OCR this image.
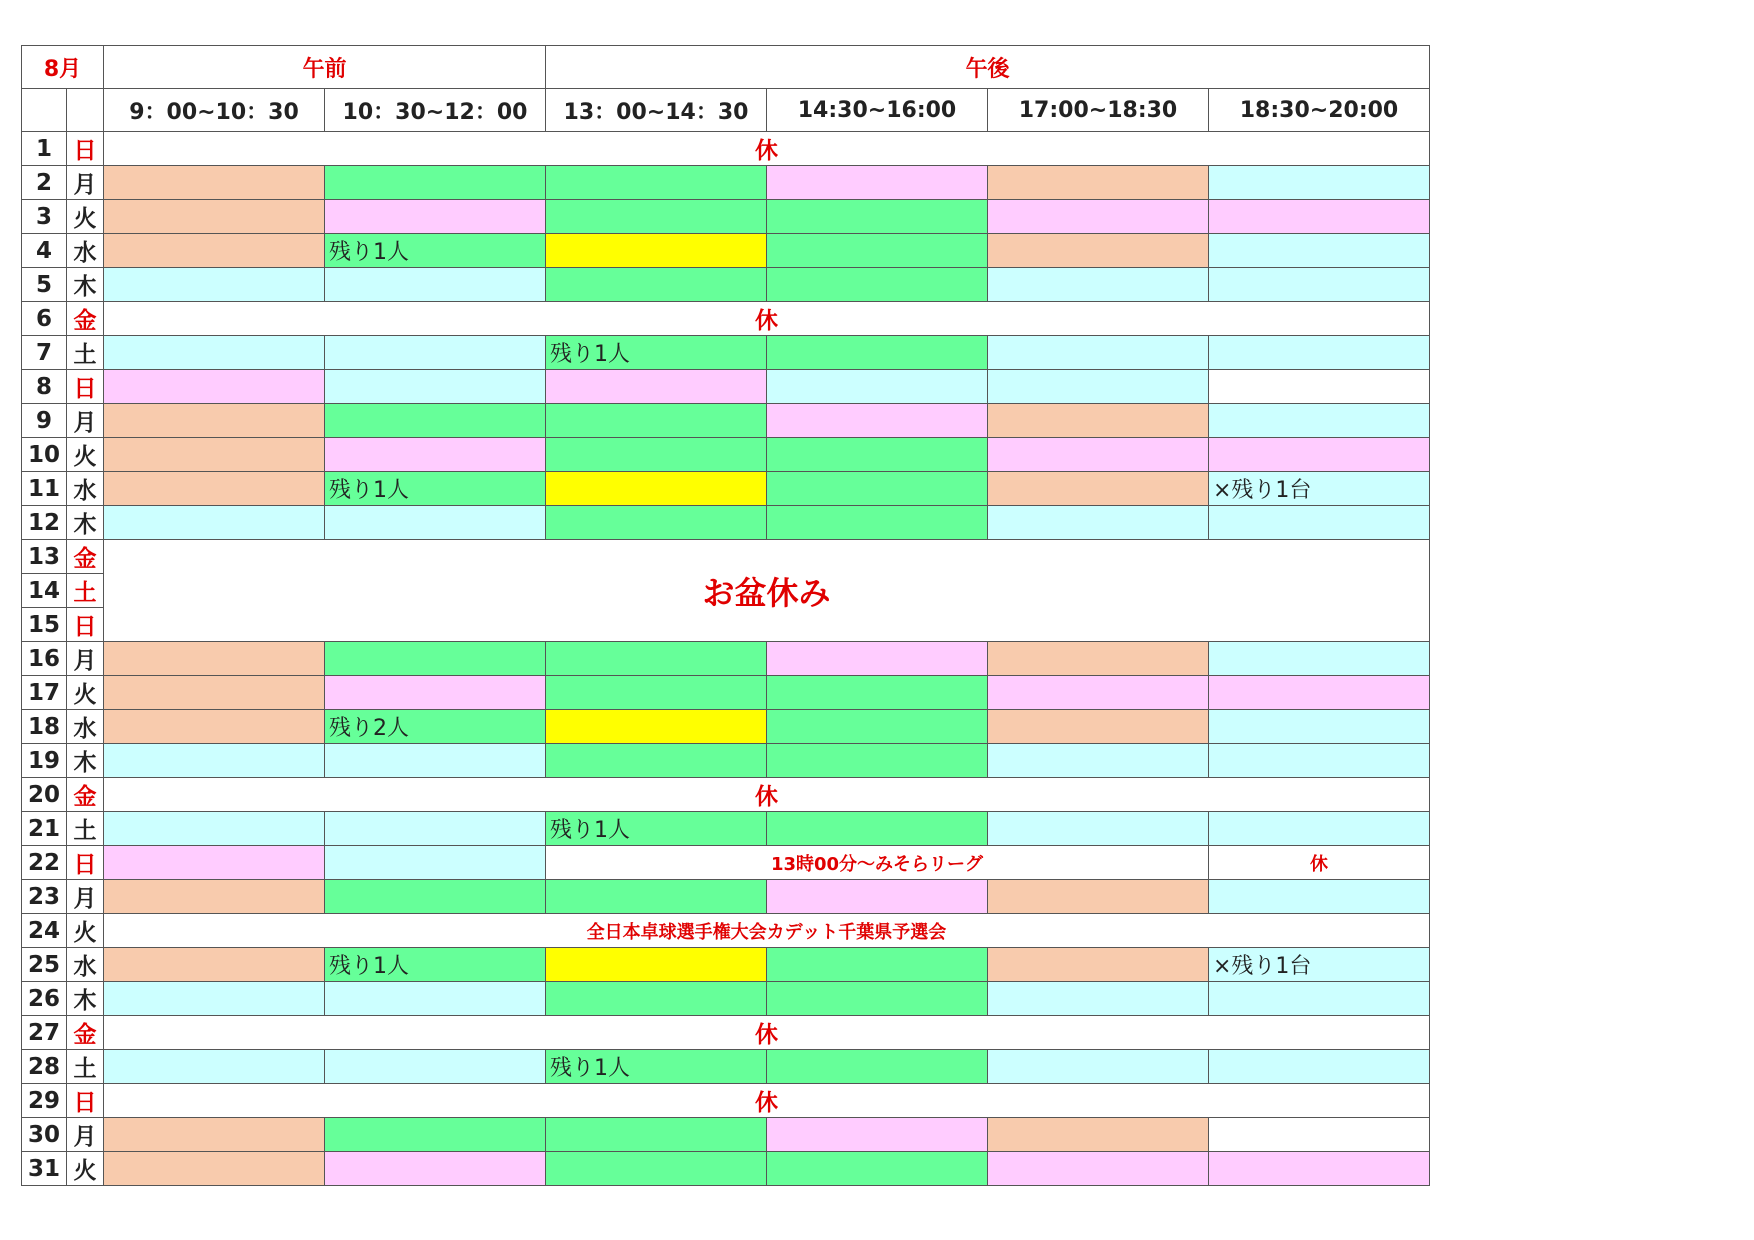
8月		午前		午後			
		9：00~10：30	10：30~12：00	13：00~14：30	14:30~16:00	17:00~18:30	18:30~20:00
1	日	休					
2	月						
3	火						
4	水		残り1人				
5	木						
6	金	休					
7	土			残り1人			
8	日						
9	月						
10	火						
11	水		残り1人				×残り1台
12	木						
13	金	お盆休み					
14	土						
15	日						
16	月						
17	火						
18	水		残り2人				
19	木						
20	金	休					
21	土			残り1人			
22	日			13時00分～みそらリーグ			休
23	月						
24	火	全日本卓球選手権大会カデット千葉県予選会					
25	水		残り1人				×残り1台
26	木						
27	金	休					
28	土			残り1人			
29	日	休					
30	月						
31	火						
